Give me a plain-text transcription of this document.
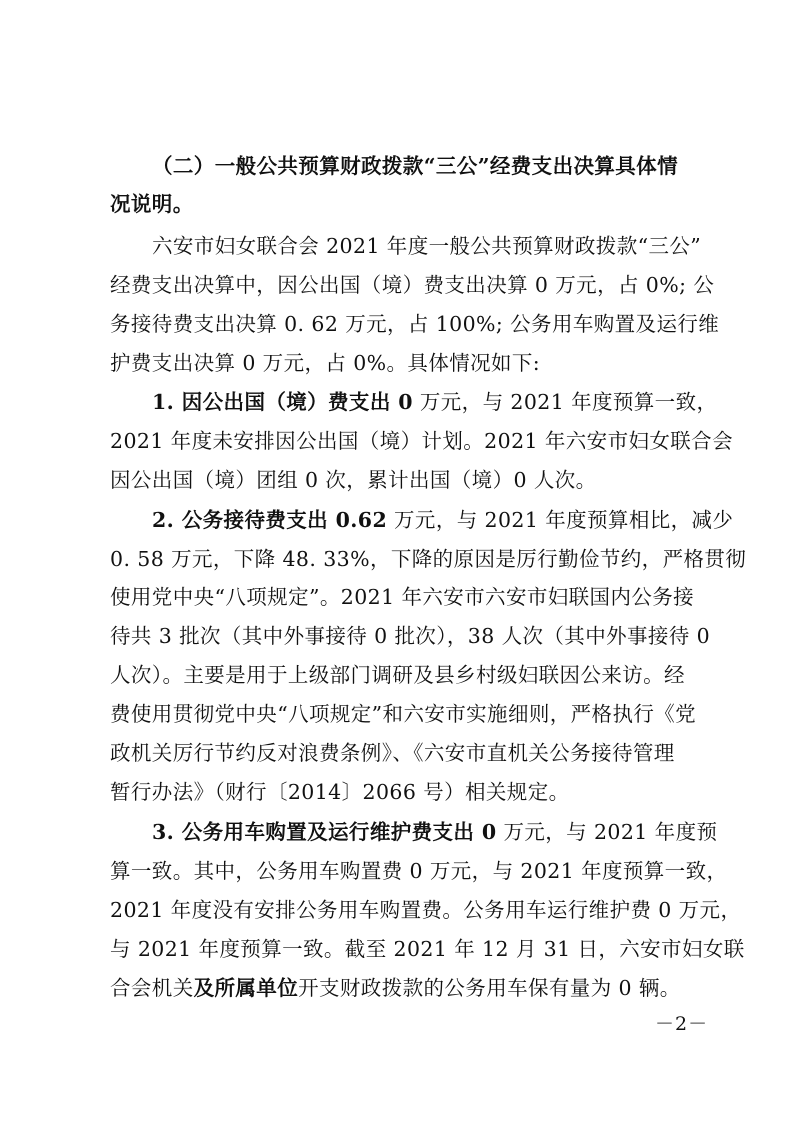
（二）一般公共预算财政拨款“三公”经费支出决算具体情
况说明。
六安市妇女联合会 2021 年度一般公共预算财政拨款“三公”
经费支出决算中，因公出国（境）费支出决算 0 万元，占 0%; 公
务接待费支出决算 0. 62 万元，占 100%; 公务用车购置及运行维
护费支出决算 0 万元，占 0%。具体情况如下:
1. 因公出国（境）费支出 0 万元，与 2021 年度预算一致，
2021 年度未安排因公出国（境）计划。2021 年六安市妇女联合会
因公出国（境）团组 0 次，累计出国（境）0 人次。
2. 公务接待费支出 0.62 万元，与 2021 年度预算相比，减少
0. 58 万元，下降 48. 33%，下降的原因是厉行勤俭节约，严格贯彻
使用党中央“八项规定”。2021 年六安市六安市妇联国内公务接
待共 3 批次（其中外事接待 0 批次），38 人次（其中外事接待 0
人次）。主要是用于上级部门调研及县乡村级妇联因公来访。经
费使用贯彻党中央“八项规定”和六安市实施细则，严格执行《党
政机关厉行节约反对浪费条例》、《六安市直机关公务接待管理
暂行办法》（财行〔2014〕2066 号）相关规定。
3. 公务用车购置及运行维护费支出 0 万元，与 2021 年度预
算一致。其中，公务用车购置费 0 万元，与 2021 年度预算一致，
2021 年度没有安排公务用车购置费。公务用车运行维护费 0 万元，
与 2021 年度预算一致。截至 2021 年 12 月 31 日，六安市妇女联
合会机关及所属单位开支财政拨款的公务用车保有量为 0 辆。
－2－
